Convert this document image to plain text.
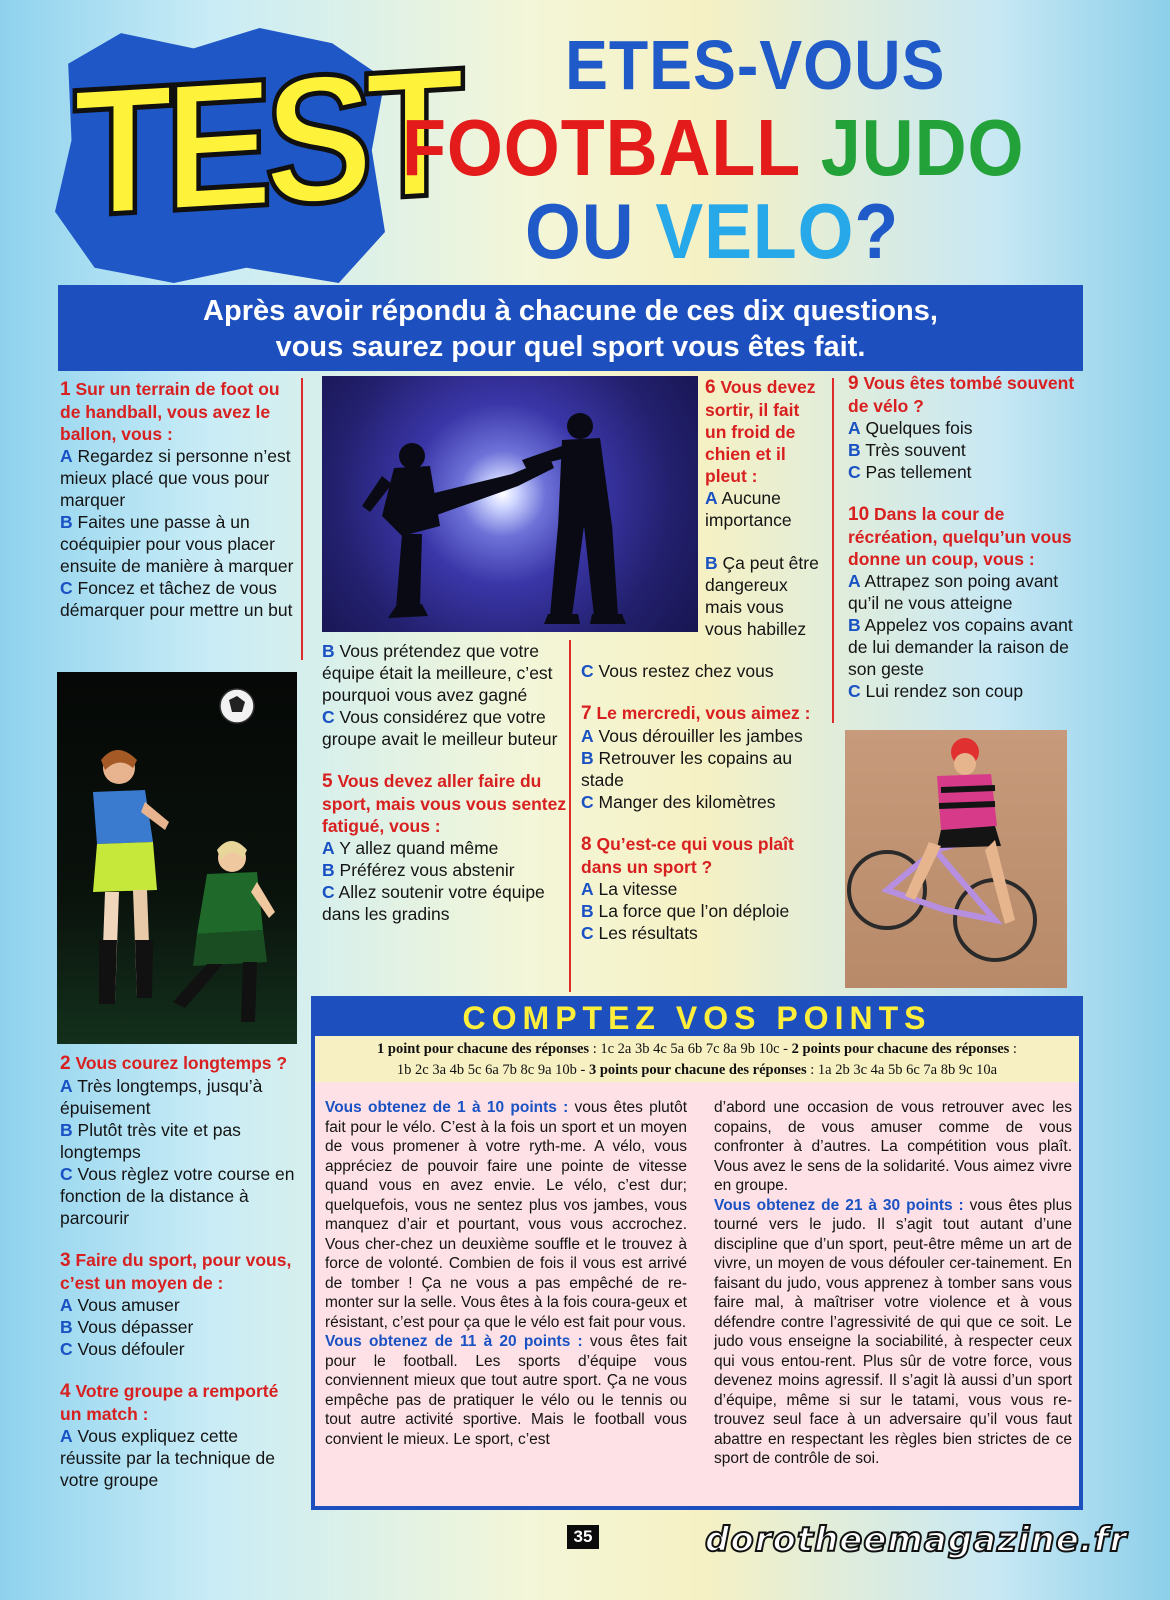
TEST ETES-VOUS
FOOTBALL JUDO
OU VELO?
Après avoir répondu à chacune de ces dix questions,
vous saurez pour quel sport vous êtes fait.
1 Sur un terrain de foot ou de handball, vous avez le ballon, vous :
A Regardez si personne n’est mieux placé que vous pour marquer
B Faites une passe à un coéquipier pour vous placer ensuite de manière à marquer
C Foncez et tâchez de vous démarquer pour mettre un but
2 Vous courez longtemps ?
A Très longtemps, jusqu’à épuisement
B Plutôt très vite et pas longtemps
C Vous règlez votre course en fonction de la distance à parcourir
3 Faire du sport, pour vous, c’est un moyen de :
A Vous amuser
B Vous dépasser
C Vous défouler
4 Votre groupe a remporté un match :
A Vous expliquez cette réussite par la technique de votre groupe
B Vous prétendez que votre équipe était la meilleure, c’est pourquoi vous avez gagné
C Vous considérez que votre groupe avait le meilleur buteur
5 Vous devez aller faire du sport, mais vous vous sentez fatigué, vous :
A Y allez quand même
B Préférez vous abstenir
C Allez soutenir votre équipe dans les gradins
6 Vous devez sortir, il fait un froid de chien et il pleut :
A Aucune importance
B Ça peut être dangereux mais vous vous habillez
C Vous restez chez vous
7 Le mercredi, vous aimez :
A Vous dérouiller les jambes
B Retrouver les copains au stade
C Manger des kilomètres
8 Qu’est-ce qui vous plaît dans un sport ?
A La vitesse
B La force que l’on déploie
C Les résultats
9 Vous êtes tombé souvent de vélo ?
A Quelques fois
B Très souvent
C Pas tellement
10 Dans la cour de récréation, quelqu’un vous donne un coup, vous :
A Attrapez son poing avant qu’il ne vous atteigne
B Appelez vos copains avant de lui demander la raison de son geste
C Lui rendez son coup
COMPTEZ VOS POINTS
1 point pour chacune des réponses : 1c 2a 3b 4c 5a 6b 7c 8a 9b 10c - 2 points pour chacune des réponses :
1b 2c 3a 4b 5c 6a 7b 8c 9a 10b - 3 points pour chacune des réponses : 1a 2b 3c 4a 5b 6c 7a 8b 9c 10a
Vous obtenez de 1 à 10 points : vous êtes plutôt fait pour le vélo. C’est à la fois un sport et un moyen de vous promener à votre ryth-me. A vélo, vous appréciez de pouvoir faire une pointe de vitesse quand vous en avez envie. Le vélo, c’est dur; quelquefois, vous ne sentez plus vos jambes, vous manquez d’air et pourtant, vous vous accrochez. Vous cher-chez un deuxième souffle et le trouvez à force de volonté. Combien de fois il vous est arrivé de tomber ! Ça ne vous a pas empêché de re-monter sur la selle. Vous êtes à la fois coura-geux et résistant, c’est pour ça que le vélo est fait pour vous.
Vous obtenez de 11 à 20 points : vous êtes fait pour le football. Les sports d’équipe vous conviennent mieux que tout autre sport. Ça ne vous empêche pas de pratiquer le vélo ou le tennis ou tout autre activité sportive. Mais le football vous convient le mieux. Le sport, c’est
d’abord une occasion de vous retrouver avec les copains, de vous amuser comme de vous confronter à d’autres. La compétition vous plaît. Vous avez le sens de la solidarité. Vous aimez vivre en groupe.
Vous obtenez de 21 à 30 points : vous êtes plus tourné vers le judo. Il s’agit tout autant d’une discipline que d’un sport, peut-être même un art de vivre, un moyen de vous défouler cer-tainement. En faisant du judo, vous apprenez à tomber sans vous faire mal, à maîtriser votre violence et à vous défendre contre l’agressivité de qui que ce soit. Le judo vous enseigne la sociabilité, à respecter ceux qui vous entou-rent. Plus sûr de votre force, vous devenez moins agressif. Il s’agit là aussi d’un sport d’équipe, même si sur le tatami, vous vous re-trouvez seul face à un adversaire qu’il vous faut abattre en respectant les règles bien strictes de ce sport de contrôle de soi.
35	dorotheemagazine.fr
